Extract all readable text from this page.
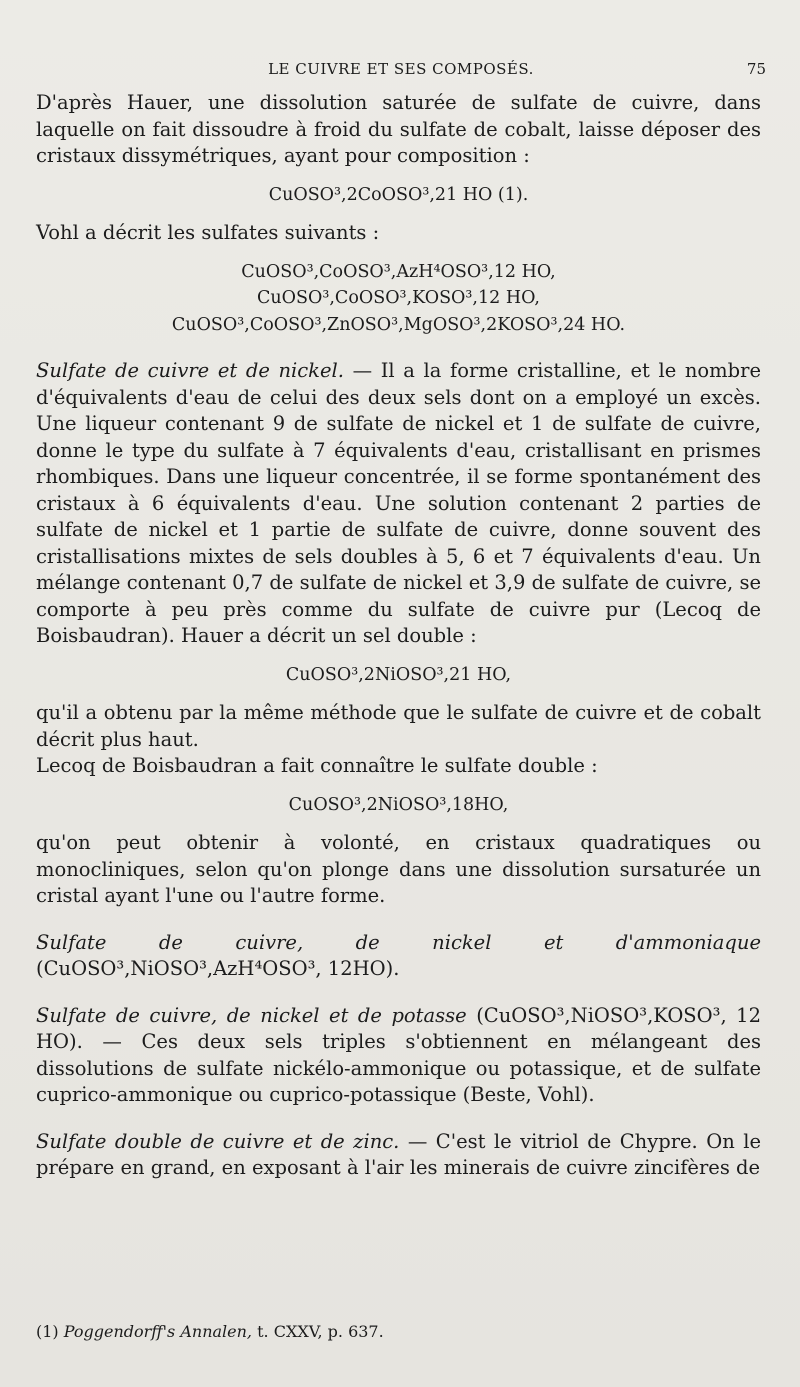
LE CUIVRE ET SES COMPOSÉS.	75

D'après Hauer, une dissolution saturée de sulfate de cuivre, dans laquelle on fait dissoudre à froid du sulfate de cobalt, laisse déposer des cristaux dissymétriques, ayant pour composition :

CuOSO³,2CoOSO³,21 HO (1).

Vohl a décrit les sulfates suivants :

CuOSO³,CoOSO³,AzH⁴OSO³,12 HO,

CuOSO³,CoOSO³,KOSO³,12 HO,

CuOSO³,CoOSO³,ZnOSO³,MgOSO³,2KOSO³,24 HO.

Sulfate de cuivre et de nickel. — Il a la forme cristalline, et le nombre d'équivalents d'eau de celui des deux sels dont on a employé un excès. Une liqueur contenant 9 de sulfate de nickel et 1 de sulfate de cuivre, donne le type du sulfate à 7 équivalents d'eau, cristallisant en prismes rhombiques. Dans une liqueur concentrée, il se forme spontanément des cristaux à 6 équivalents d'eau. Une solution contenant 2 parties de sulfate de nickel et 1 partie de sulfate de cuivre, donne souvent des cristallisations mixtes de sels doubles à 5, 6 et 7 équivalents d'eau. Un mélange contenant 0,7 de sulfate de nickel et 3,9 de sulfate de cuivre, se comporte à peu près comme du sulfate de cuivre pur (Lecoq de Boisbaudran). Hauer a décrit un sel double :

CuOSO³,2NiOSO³,21 HO,

qu'il a obtenu par la même méthode que le sulfate de cuivre et de cobalt décrit plus haut.

Lecoq de Boisbaudran a fait connaître le sulfate double :

CuOSO³,2NiOSO³,18HO,

qu'on peut obtenir à volonté, en cristaux quadratiques ou monocliniques, selon qu'on plonge dans une dissolution sursaturée un cristal ayant l'une ou l'autre forme.

Sulfate de cuivre, de nickel et d'ammoniaque (CuOSO³,NiOSO³,AzH⁴OSO³, 12HO).

Sulfate de cuivre, de nickel et de potasse (CuOSO³,NiOSO³,KOSO³, 12 HO). — Ces deux sels triples s'obtiennent en mélangeant des dissolutions de sulfate nickélo-ammonique ou potassique, et de sulfate cuprico-ammonique ou cuprico-potassique (Beste, Vohl).

Sulfate double de cuivre et de zinc. — C'est le vitriol de Chypre. On le prépare en grand, en exposant à l'air les minerais de cuivre zincifères de

(1) Poggendorff's Annalen, t. CXXV, p. 637.
